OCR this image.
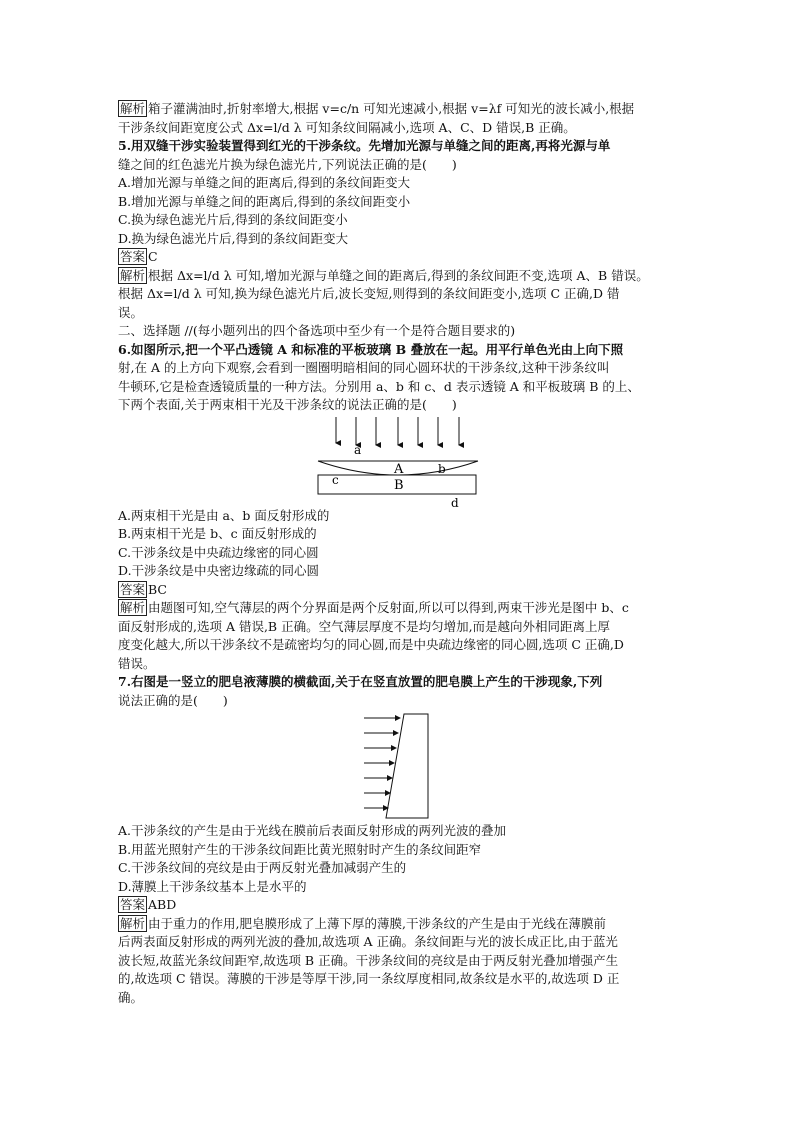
解析 箱子灌满油时,折射率增大,根据 v=c/n 可知光速减小,根据 v=λf 可知光的波长减小,根据
干涉条纹间距宽度公式 Δx=l/d λ 可知条纹间隔减小,选项 A、C、D 错误,B 正确。
5.用双缝干涉实验装置得到红光的干涉条纹。先增加光源与单缝之间的距离,再将光源与单
缝之间的红色滤光片换为绿色滤光片,下列说法正确的是(　　)
A.增加光源与单缝之间的距离后,得到的条纹间距变大
B.增加光源与单缝之间的距离后,得到的条纹间距变小
C.换为绿色滤光片后,得到的条纹间距变小
D.换为绿色滤光片后,得到的条纹间距变大
答案 C
解析 根据 Δx=l/d λ 可知,增加光源与单缝之间的距离后,得到的条纹间距不变,选项 A、B 错误。
根据 Δx=l/d λ 可知,换为绿色滤光片后,波长变短,则得到的条纹间距变小,选项 C 正确,D 错
误。
二、选择题 //(每小题列出的四个备选项中至少有一个是符合题目要求的)
6.如图所示,把一个平凸透镜 A 和标准的平板玻璃 B 叠放在一起。用平行单色光由上向下照
射,在 A 的上方向下观察,会看到一圈圈明暗相间的同心圆环状的干涉条纹,这种干涉条纹叫
牛顿环,它是检查透镜质量的一种方法。分别用 a、b 和 c、d 表示透镜 A 和平板玻璃 B 的上、
下两个表面,关于两束相干光及干涉条纹的说法正确的是(　　)
a
A	b
c	B
d
A.两束相干光是由 a、b 面反射形成的
B.两束相干光是 b、c 面反射形成的
C.干涉条纹是中央疏边缘密的同心圆
D.干涉条纹是中央密边缘疏的同心圆
答案 BC
解析 由题图可知,空气薄层的两个分界面是两个反射面,所以可以得到,两束干涉光是图中 b、c
面反射形成的,选项 A 错误,B 正确。空气薄层厚度不是均匀增加,而是越向外相同距离上厚
度变化越大,所以干涉条纹不是疏密均匀的同心圆,而是中央疏边缘密的同心圆,选项 C 正确,D
错误。
7.右图是一竖立的肥皂液薄膜的横截面,关于在竖直放置的肥皂膜上产生的干涉现象,下列
说法正确的是(　　)
A.干涉条纹的产生是由于光线在膜前后表面反射形成的两列光波的叠加
B.用蓝光照射产生的干涉条纹间距比黄光照射时产生的条纹间距窄
C.干涉条纹间的亮纹是由于两反射光叠加减弱产生的
D.薄膜上干涉条纹基本上是水平的
答案 ABD
解析 由于重力的作用,肥皂膜形成了上薄下厚的薄膜,干涉条纹的产生是由于光线在薄膜前
后两表面反射形成的两列光波的叠加,故选项 A 正确。条纹间距与光的波长成正比,由于蓝光
波长短,故蓝光条纹间距窄,故选项 B 正确。干涉条纹间的亮纹是由于两反射光叠加增强产生
的,故选项 C 错误。薄膜的干涉是等厚干涉,同一条纹厚度相同,故条纹是水平的,故选项 D 正
确。
